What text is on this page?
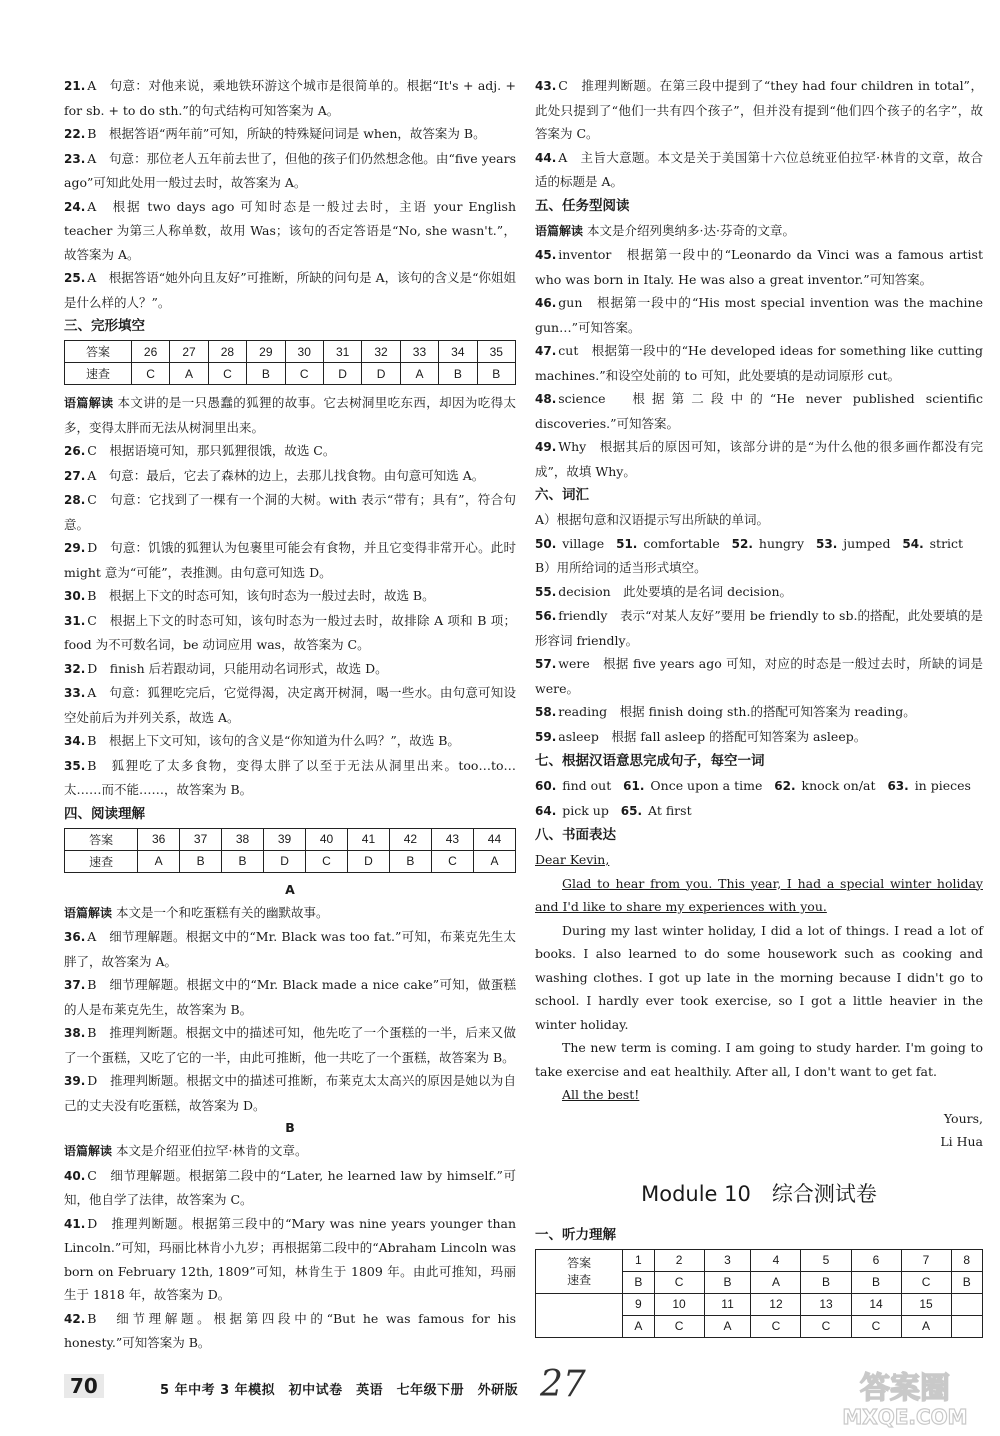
21. A　句意：对他来说，乘地铁环游这个城市是很简单的。根据“It's + adj. + for sb. + to do sth.”的句式结构可知答案为 A。

22. B　根据答语“两年前”可知，所缺的特殊疑问词是 when，故答案为 B。

23. A　句意：那位老人五年前去世了，但他的孩子们仍然想念他。由“five years ago”可知此处用一般过去时，故答案为 A。

24. A　根据 two days ago 可知时态是一般过去时，主语 your English teacher 为第三人称单数，故用 Was；该句的否定答语是“No, she wasn't.”，故答案为 A。

25. A　根据答语“她外向且友好”可推断，所缺的问句是 A，该句的含义是“你姐姐是什么样的人？”。

三、完形填空
答案	26	27	28	29	30	31	32	33	34	35
速查	C	A	C	B	C	D	D	A	B	B

语篇解读 本文讲的是一只愚蠢的狐狸的故事。它去树洞里吃东西，却因为吃得太多，变得太胖而无法从树洞里出来。

26. C　根据语境可知，那只狐狸很饿，故选 C。

27. A　句意：最后，它去了森林的边上，去那儿找食物。由句意可知选 A。

28. C　句意：它找到了一棵有一个洞的大树。with 表示“带有；具有”，符合句意。

29. D　句意：饥饿的狐狸认为包裹里可能会有食物，并且它变得非常开心。此时 might 意为“可能”，表推测。由句意可知选 D。

30. B　根据上下文的时态可知，该句时态为一般过去时，故选 B。

31. C　根据上下文的时态可知，该句时态为一般过去时，故排除 A 项和 B 项；food 为不可数名词，be 动词应用 was，故答案为 C。

32. D　finish 后若跟动词，只能用动名词形式，故选 D。

33. A　句意：狐狸吃完后，它觉得渴，决定离开树洞，喝一些水。由句意可知设空处前后为并列关系，故选 A。

34. B　根据上下文可知，该句的含义是“你知道为什么吗？”，故选 B。

35. B　狐狸吃了太多食物，变得太胖了以至于无法从洞里出来。too…to… 太……而不能……，故答案为 B。

四、阅读理解
答案	36	37	38	39	40	41	42	43	44
速查	A	B	B	D	C	D	B	C	A

A

语篇解读 本文是一个和吃蛋糕有关的幽默故事。

36. A　细节理解题。根据文中的“Mr. Black was too fat.”可知，布莱克先生太胖了，故答案为 A。

37. B　细节理解题。根据文中的“Mr. Black made a nice cake”可知，做蛋糕的人是布莱克先生，故答案为 B。

38. B　推理判断题。根据文中的描述可知，他先吃了一个蛋糕的一半，后来又做了一个蛋糕，又吃了它的一半，由此可推断，他一共吃了一个蛋糕，故答案为 B。

39. D　推理判断题。根据文中的描述可推断，布莱克太太高兴的原因是她以为自己的丈夫没有吃蛋糕，故答案为 D。

B

语篇解读 本文是介绍亚伯拉罕·林肯的文章。

40. C　细节理解题。根据第二段中的“Later, he learned law by himself.”可知，他自学了法律，故答案为 C。

41. D　推理判断题。根据第三段中的“Mary was nine years younger than Lincoln.”可知，玛丽比林肯小九岁；再根据第二段中的“Abraham Lincoln was born on February 12th, 1809”可知，林肯生于 1809 年。由此可推知，玛丽生于 1818 年，故答案为 D。

42. B　细节理解题。根据第四段中的“But he was famous for his honesty.”可知答案为 B。

43. C　推理判断题。在第三段中提到了“they had four children in total”，此处只提到了“他们一共有四个孩子”，但并没有提到“他们四个孩子的名字”，故答案为 C。

44. A　主旨大意题。本文是关于美国第十六位总统亚伯拉罕·林肯的文章，故合适的标题是 A。

五、任务型阅读

语篇解读 本文是介绍列奥纳多·达·芬奇的文章。

45. inventor　根据第一段中的“Leonardo da Vinci was a famous artist who was born in Italy. He was also a great inventor.”可知答案。

46. gun　根据第一段中的“His most special invention was the machine gun…”可知答案。

47. cut　根据第一段中的“He developed ideas for something like cutting machines.”和设空处前的 to 可知，此处要填的是动词原形 cut。

48. science　根据第二段中的“He never published scientific discoveries.”可知答案。

49. Why　根据其后的原因可知，该部分讲的是“为什么他的很多画作都没有完成”，故填 Why。

六、词汇

A）根据句意和汉语提示写出所缺的单词。

50. village 51. comfortable 52. hungry 53. jumped 54. strict

B）用所给词的适当形式填空。

55. decision　此处要填的是名词 decision。

56. friendly　表示“对某人友好”要用 be friendly to sb.的搭配，此处要填的是形容词 friendly。

57. were　根据 five years ago 可知，对应的时态是一般过去时，所缺的词是 were。

58. reading　根据 finish doing sth.的搭配可知答案为 reading。

59. asleep　根据 fall asleep 的搭配可知答案为 asleep。

七、根据汉语意思完成句子，每空一词

60. find out 61. Once upon a time 62. knock on/at 63. in pieces

64. pick up 65. At first

八、书面表达

Dear Kevin,

Glad to hear from you. This year, I had a special winter holiday and I'd like to share my experiences with you.

During my last winter holiday, I did a lot of things. I read a lot of books. I also learned to do some housework such as cooking and washing clothes. I got up late in the morning because I didn't go to school. I hardly ever took exercise, so I got a little heavier in the winter holiday.

The new term is coming. I am going to study harder. I'm going to take exercise and eat healthily. After all, I don't want to get fat.

All the best!

Yours,

Li Hua

Module 10　综合测试卷
一、听力理解
答案
速查	1	2	3	4	5	6	7	8
	B	C	B	A	B	B	C	B
	9	10	11	12	13	14	15	
	A	C	A	C	C	C	A	
70	5 年中考 3 年模拟　初中试卷　英语　七年级下册　外研版 27	答案圈
MXQE.COM
